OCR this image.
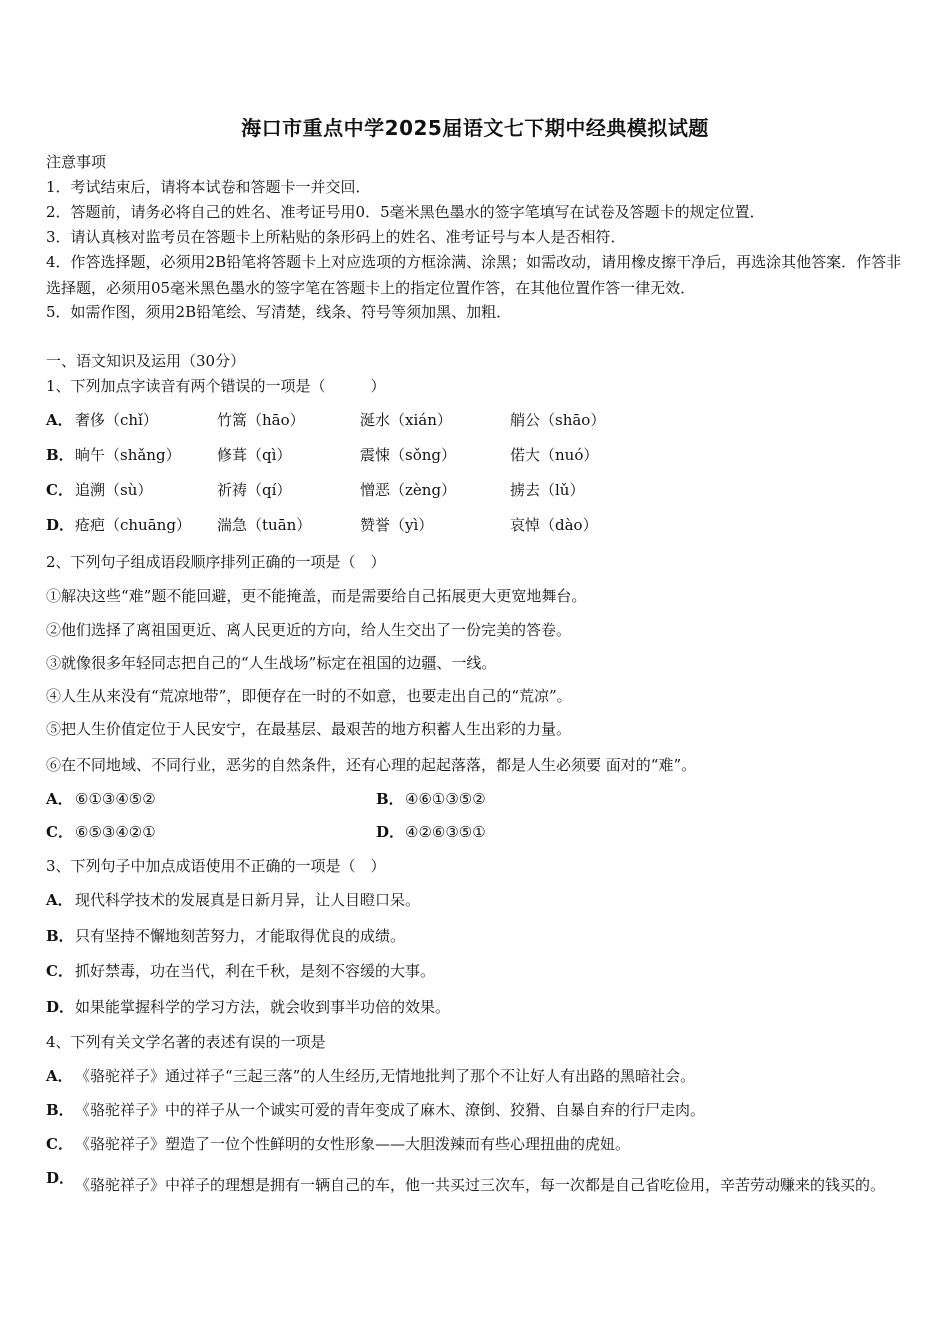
海口市重点中学2025届语文七下期中经典模拟试题
注意事项
1．考试结束后，请将本试卷和答题卡一并交回．
2．答题前，请务必将自己的姓名、准考证号用0．5毫米黑色墨水的签字笔填写在试卷及答题卡的规定位置．
3．请认真核对监考员在答题卡上所粘贴的条形码上的姓名、准考证号与本人是否相符．
4．作答选择题，必须用2B铅笔将答题卡上对应选项的方框涂满、涂黑；如需改动，请用橡皮擦干净后，再选涂其他答案．作答非选择题，必须用05毫米黑色墨水的签字笔在答题卡上的指定位置作答，在其他位置作答一律无效．
5．如需作图，须用2B铅笔绘、写清楚，线条、符号等须加黑、加粗．
一、语文知识及运用（30分）
1、下列加点字读音有两个错误的一项是（　　　）
A． 奢侈（chǐ）	竹篙（hāo）	涎水（xián）	艄公（shāo）
B． 晌午（shǎng） 修葺（qì）	震悚（sǒng）	偌大（nuó）
C． 追溯（sù）	祈祷（qí）	憎恶（zèng）	掳去（lǔ）
D． 疮疤（chuāng） 湍急（tuān）	赞誉（yì）	哀悼（dào）
2、下列句子组成语段顺序排列正确的一项是（　）
①解决这些“难”题不能回避，更不能掩盖，而是需要给自己拓展更大更宽地舞台。
②他们选择了离祖国更近、离人民更近的方向，给人生交出了一份完美的答卷。
③就像很多年轻同志把自己的“人生战场”标定在祖国的边疆、一线。
④人生从来没有“荒凉地带”，即便存在一时的不如意，也要走出自己的“荒凉”。
⑤把人生价值定位于人民安宁，在最基层、最艰苦的地方积蓄人生出彩的力量。
⑥在不同地域、不同行业，恶劣的自然条件，还有心理的起起落落，都是人生必须要 面对的“难”。
A． ⑥①③④⑤②	B． ④⑥①③⑤②
C． ⑥⑤③④②①	D． ④②⑥③⑤①
3、下列句子中加点成语使用不正确的一项是（　）
A． 现代科学技术的发展真是日新月异，让人目瞪口呆。
B． 只有坚持不懈地刻苦努力，才能取得优良的成绩。
C． 抓好禁毒，功在当代，利在千秋，是刻不容缓的大事。
D． 如果能掌握科学的学习方法，就会收到事半功倍的效果。
4、下列有关文学名著的表述有误的一项是
A． 《骆驼祥子》通过祥子“三起三落”的人生经历,无情地批判了那个不让好人有出路的黑暗社会。
B． 《骆驼祥子》中的祥子从一个诚实可爱的青年变成了麻木、潦倒、狡猾、自暴自弃的行尸走肉。
C． 《骆驼祥子》塑造了一位个性鲜明的女性形象——大胆泼辣而有些心理扭曲的虎妞。
D． 《骆驼祥子》中祥子的理想是拥有一辆自己的车，他一共买过三次车，每一次都是自己省吃俭用，辛苦劳动赚来的钱买的。
